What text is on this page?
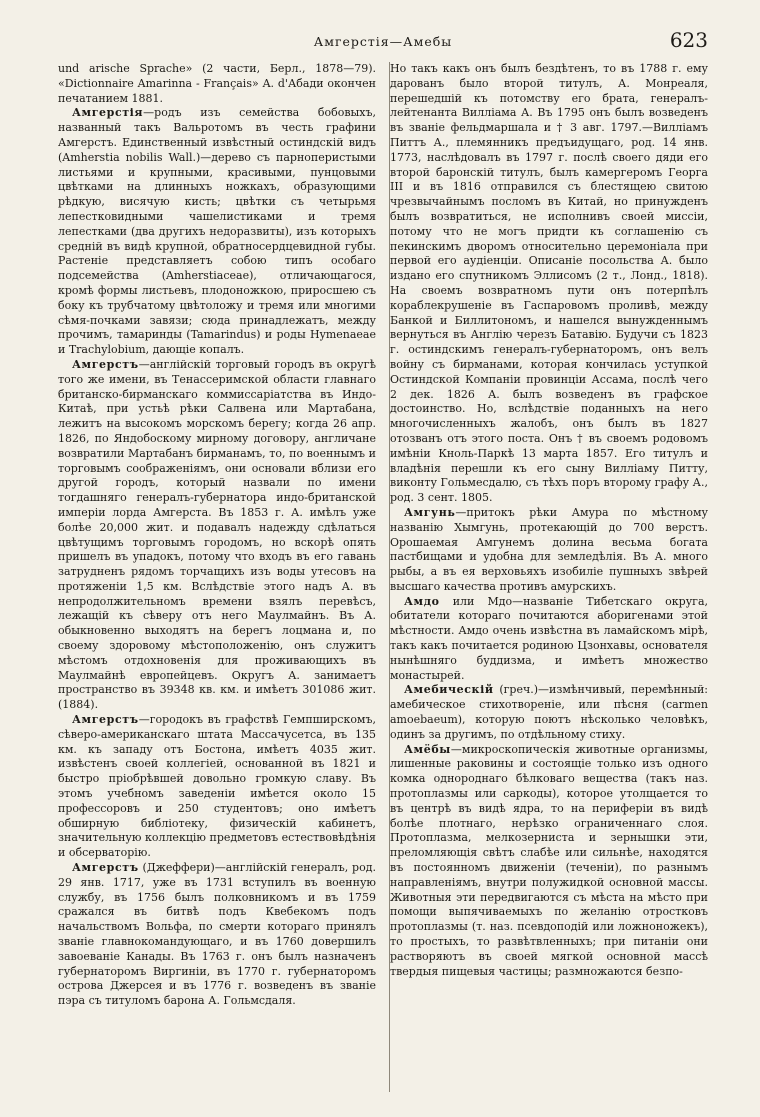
Амгерстія—Амебы	623

und arische Sprache» (2 части, Берл., 1878—79). «Dictionnaire Amarinna - Français» A. d'Абади окончен печатанием 1881.

Амгерстія—родъ изъ семейства бобовыхъ, названный такъ Вальротомъ въ честь графини Амгерстъ. Единственный извѣстный остиндскій видъ (Amherstia nobilis Wall.)—дерево съ парноперистыми листьями и крупными, красивыми, пунцовыми цвѣтками на длинныхъ ножкахъ, образующими рѣдкую, висячую кисть; цвѣтки съ четырьмя лепестковидными чашелистиками и тремя лепестками (два другихъ недоразвиты), изъ которыхъ средній въ видѣ крупной, обратносердцевидной губы. Растеніе представляетъ собою типъ особаго подсемейства (Amherstiaceae), отличающагося, кромѣ формы листьевъ, плодоножкою, приросшею съ боку къ трубчатому цвѣтоложу и тремя или многими сѣмя-почками завязи; сюда принадлежатъ, между прочимъ, тамаринды (Tamarindus) и роды Hymenaeae и Trachylobium, дающіе копалъ.

Амгерстъ—англійскій торговый городъ въ округѣ того же имени, въ Тенассеримской области главнаго британско-бирманскаго коммиссаріатства въ Индо-Китаѣ, при устьѣ рѣки Салвена или Мартабана, лежитъ на высокомъ морскомъ берегу; когда 26 апр. 1826, по Яндобоскому мирному договору, англичане возвратили Мартабанъ бирманамъ, то, по военнымъ и торговымъ соображеніямъ, они основали вблизи его другой городъ, который назвали по имени тогдашняго генералъ-губернатора индо-британской имперіи лорда Амгерста. Въ 1853 г. А. имѣлъ уже болѣе 20,000 жит. и подавалъ надежду сдѣлаться цвѣтущимъ торговымъ городомъ, но вскорѣ опять пришелъ въ упадокъ, потому что входъ въ его гавань затрудненъ рядомъ торчащихъ изъ воды утесовъ на протяженіи 1,5 км. Вслѣдствіе этого надъ А. въ непродолжительномъ времени взялъ перевѣсъ, лежащій къ сѣверу отъ него Маулмайнъ. Въ А. обыкновенно выходятъ на берегъ лоцмана и, по своему здоровому мѣстоположенію, онъ служитъ мѣстомъ отдохновенія для проживающихъ въ Маулмайнѣ европейцевъ. Округъ А. занимаетъ пространство въ 39348 кв. км. и имѣетъ 301086 жит. (1884).

Амгерстъ—городокъ въ графствѣ Гемпширскомъ, сѣверо-американскаго штата Массачусетса, въ 135 км. къ западу отъ Бостона, имѣетъ 4035 жит. извѣстенъ своей коллегіей, основанной въ 1821 и быстро пріобрѣвшей довольно громкую славу. Въ этомъ учебномъ заведеніи имѣется около 15 профессоровъ и 250 студентовъ; оно имѣетъ обширную библіотеку, физическій кабинетъ, значительную коллекцію предметовъ естествовѣдѣнія и обсерваторію.

Амгерстъ (Джеффери)—англійскій генералъ, род. 29 янв. 1717, уже въ 1731 вступилъ въ военную службу, въ 1756 былъ полковникомъ и въ 1759 сражался въ битвѣ подъ Квебекомъ подъ начальствомъ Вольфа, по смерти котораго принялъ званіе главнокомандующаго, и въ 1760 довершилъ завоеваніе Канады. Въ 1763 г. онъ былъ назначенъ губернаторомъ Виргиніи, въ 1770 г. губернаторомъ острова Джерсея и въ 1776 г. возведенъ въ званіе пэра съ титуломъ барона А. Гольмсдаля.

Но такъ какъ онъ былъ бездѣтенъ, то въ 1788 г. ему дарованъ было второй титулъ, А. Монреаля, перешедшій къ потомству его брата, генералъ-лейтенанта Вилліама А. Въ 1795 онъ былъ возведенъ въ званіе фельдмаршала и † 3 авг. 1797.—Вилліамъ Питтъ А., племянникъ предъидущаго, род. 14 янв. 1773, наслѣдовалъ въ 1797 г. послѣ своего дяди его второй баронскій титулъ, былъ камергеромъ Георга III и въ 1816 отправился съ блестящею свитою чрезвычайнымъ посломъ въ Китай, но принужденъ былъ возвратиться, не исполнивъ своей миссіи, потому что не могъ придти къ соглашенію съ пекинскимъ дворомъ относительно церемоніала при первой его аудіенціи. Описаніе посольства А. было издано его спутникомъ Эллисомъ (2 т., Лонд., 1818). На своемъ возвратномъ пути онъ потерпѣлъ кораблекрушеніе въ Гаспаровомъ проливѣ, между Банкой и Биллитономъ, и нашелся вынужденнымъ вернуться въ Англію черезъ Батавію. Будучи съ 1823 г. остиндскимъ генералъ-губернаторомъ, онъ велъ войну съ бирманами, которая кончилась уступкой Остиндской Компаніи провинціи Ассама, послѣ чего 2 дек. 1826 А. былъ возведенъ въ графское достоинство. Но, вслѣдствіе поданныхъ на него многочисленныхъ жалобъ, онъ былъ въ 1827 отозванъ отъ этого поста. Онъ † въ своемъ родовомъ имѣніи Кноль-Паркѣ 13 марта 1857. Его титулъ и владѣнія перешли къ его сыну Вилліаму Питту, виконту Гольмесдалю, съ тѣхъ поръ второму графу А., род. 3 сент. 1805.

Амгунь—притокъ рѣки Амура по мѣстному названію Хымгунь, протекающій до 700 верстъ. Орошаемая Амгунемъ долина весьма богата пастбищами и удобна для земледѣлія. Въ А. много рыбы, а въ ея верховьяхъ изобиліе пушныхъ звѣрей высшаго качества противъ амурскихъ.

Амдо или Мдо—названіе Тибетскаго округа, обитатели котораго почитаются аборигенами этой мѣстности. Амдо очень извѣстна въ ламайскомъ мірѣ, такъ какъ почитается родиною Цзонхавы, основателя нынѣшняго буддизма, и имѣетъ множество монастырей.

Амебическій (греч.)—измѣнчивый, перемѣнный: амебическое стихотвореніе, или пѣсня (carmen amoebaeum), которую поютъ нѣсколько человѣкъ, одинъ за другимъ, по отдѣльному стиху.

Амёбы—микроскопическія животные организмы, лишенные раковины и состоящіе только изъ одного комка однороднаго бѣлковаго вещества (такъ наз. протоплазмы или саркоды), которое утолщается то въ центрѣ въ видѣ ядра, то на периферіи въ видѣ болѣе плотнаго, нерѣзко ограниченнаго слоя. Протоплазма, мелкозерниста и зернышки эти, преломляющія свѣтъ слабѣе или сильнѣе, находятся въ постоянномъ движеніи (теченіи), по разнымъ направленіямъ, внутри полужидкой основной массы. Животныя эти передвигаются съ мѣста на мѣсто при помощи выпячиваемыхъ по желанію отростковъ протоплазмы (т. наз. псевдоподій или ложноножекъ), то простыхъ, то развѣтвленныхъ; при питаніи они растворяютъ въ своей мягкой основной массѣ твердыя пищевыя частицы; размножаются безпо-
